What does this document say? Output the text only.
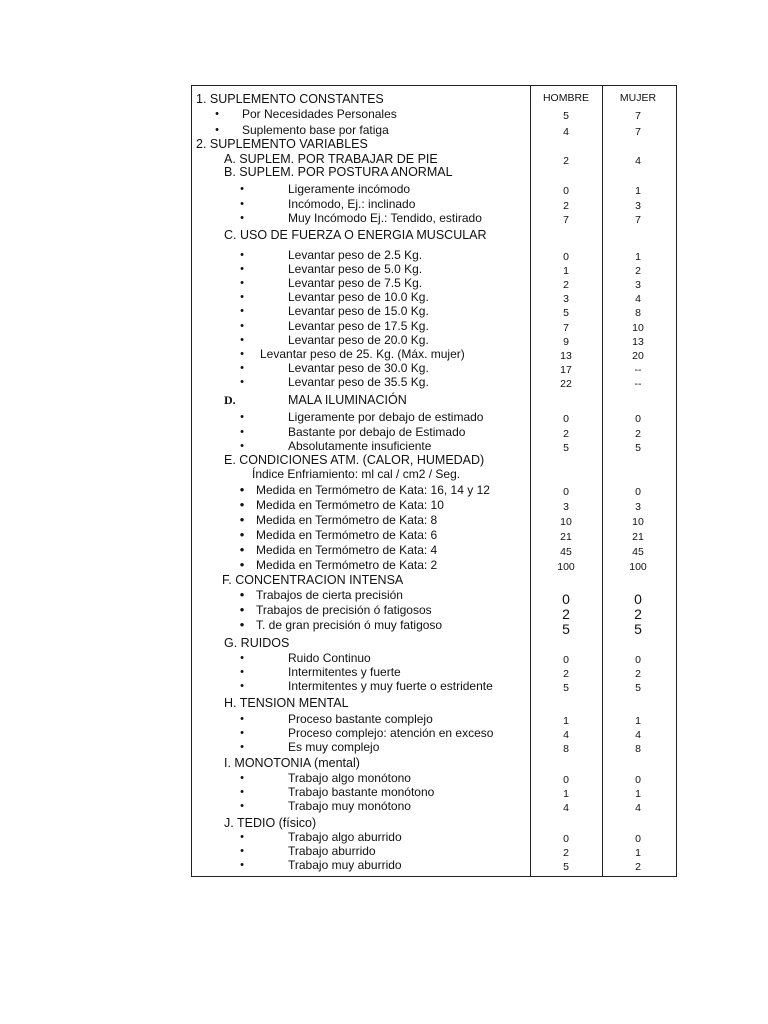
HOMBRE	MUJER
D.
1. SUPLEMENTO CONSTANTES
•	Por Necesidades Personales	5	7
•	Suplemento base por fatiga	4	7
2. SUPLEMENTO VARIABLES
A. SUPLEM. POR TRABAJAR DE PIE	2	4
B. SUPLEM. POR POSTURA ANORMAL
•	Ligeramente incómodo	0	1
•	Incómodo, Ej.: inclinado	2	3
•	Muy Incómodo Ej.: Tendido, estirado	7	7
C. USO DE FUERZA O ENERGIA MUSCULAR
•	Levantar peso de 2.5 Kg.	0	1
•	Levantar peso de 5.0 Kg.	1	2
•	Levantar peso de 7.5 Kg.	2	3
•	Levantar peso de 10.0 Kg.	3	4
•	Levantar peso de 15.0 Kg.	5	8
•	Levantar peso de 17.5 Kg.	7	10
•	Levantar peso de 20.0 Kg.	9	13
•	Levantar peso de 25. Kg. (Máx. mujer)	13	20
•	Levantar peso de 30.0 Kg.	17	--
•	Levantar peso de 35.5 Kg.	22	--
MALA ILUMINACIÓN
•	Ligeramente por debajo de estimado	0	0
•	Bastante por debajo de Estimado	2	2
•	Absolutamente insuficiente	5	5
E. CONDICIONES ATM. (CALOR, HUMEDAD)
Índice Enfriamiento: ml cal / cm2 / Seg.
• Medida en Termómetro de Kata: 16, 14 y 12	0	0
• Medida en Termómetro de Kata: 10	3	3
• Medida en Termómetro de Kata: 8	10	10
• Medida en Termómetro de Kata: 6	21	21
• Medida en Termómetro de Kata: 4	45	45
• Medida en Termómetro de Kata: 2	100	100
F. CONCENTRACION INTENSA
• Trabajos de cierta precisión	0	0
• Trabajos de precisión ó fatigosos	2	2
• T. de gran precisión ó muy fatigoso	5	5
G. RUIDOS
•	Ruido Continuo	0	0
•	Intermitentes y fuerte	2	2
•	Intermitentes y muy fuerte o estridente	5	5
H. TENSION MENTAL
•	Proceso bastante complejo	1	1
•	Proceso complejo: atención en exceso	4	4
•	Es muy complejo	8	8
I. MONOTONIA (mental)
•	Trabajo algo monótono	0	0
•	Trabajo bastante monótono	1	1
•	Trabajo muy monótono	4	4
J. TEDIO (físico)
•	Trabajo algo aburrido	0	0
•	Trabajo aburrido	2	1
•	Trabajo muy aburrido	5	2
